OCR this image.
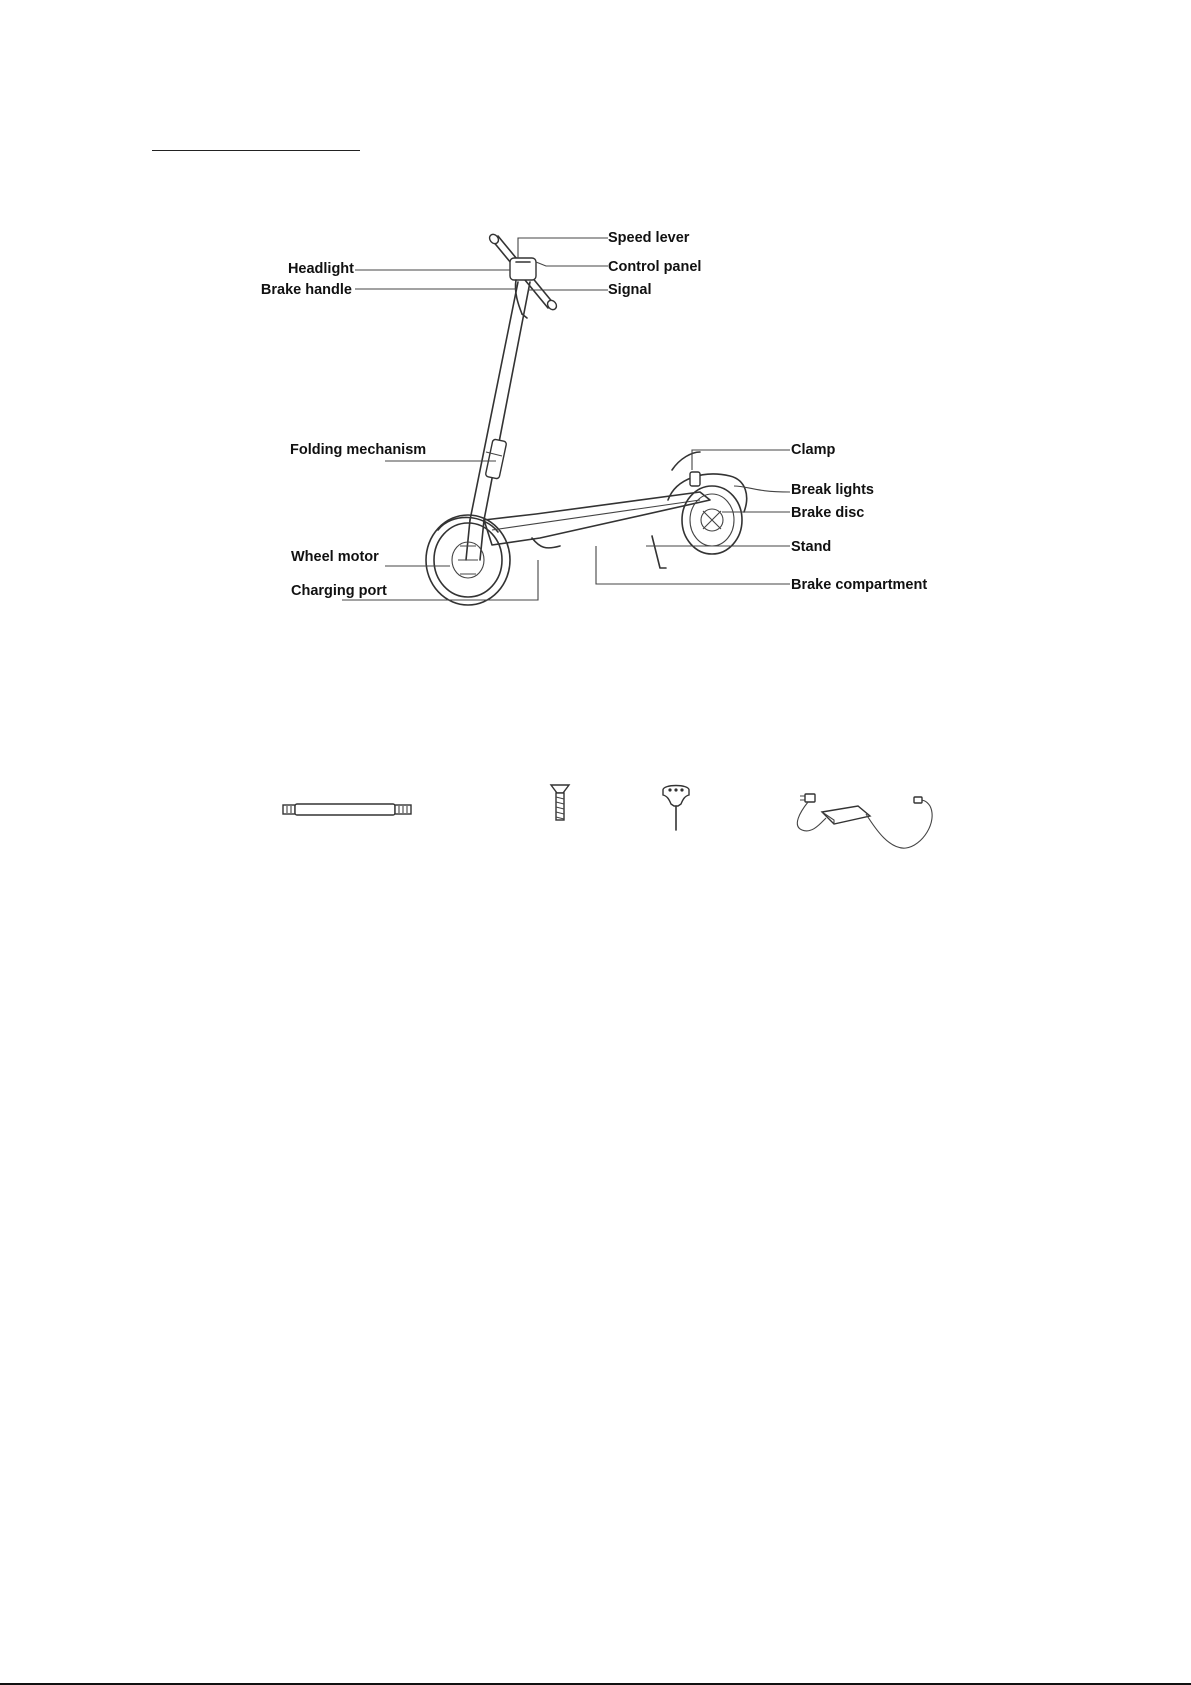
Speed lever
Headlight	Control panel
Brake handle	Signal
Folding mechanism	Clamp
Break lights
Brake disc
Wheel motor
Stand
Charging port	Brake compartment
